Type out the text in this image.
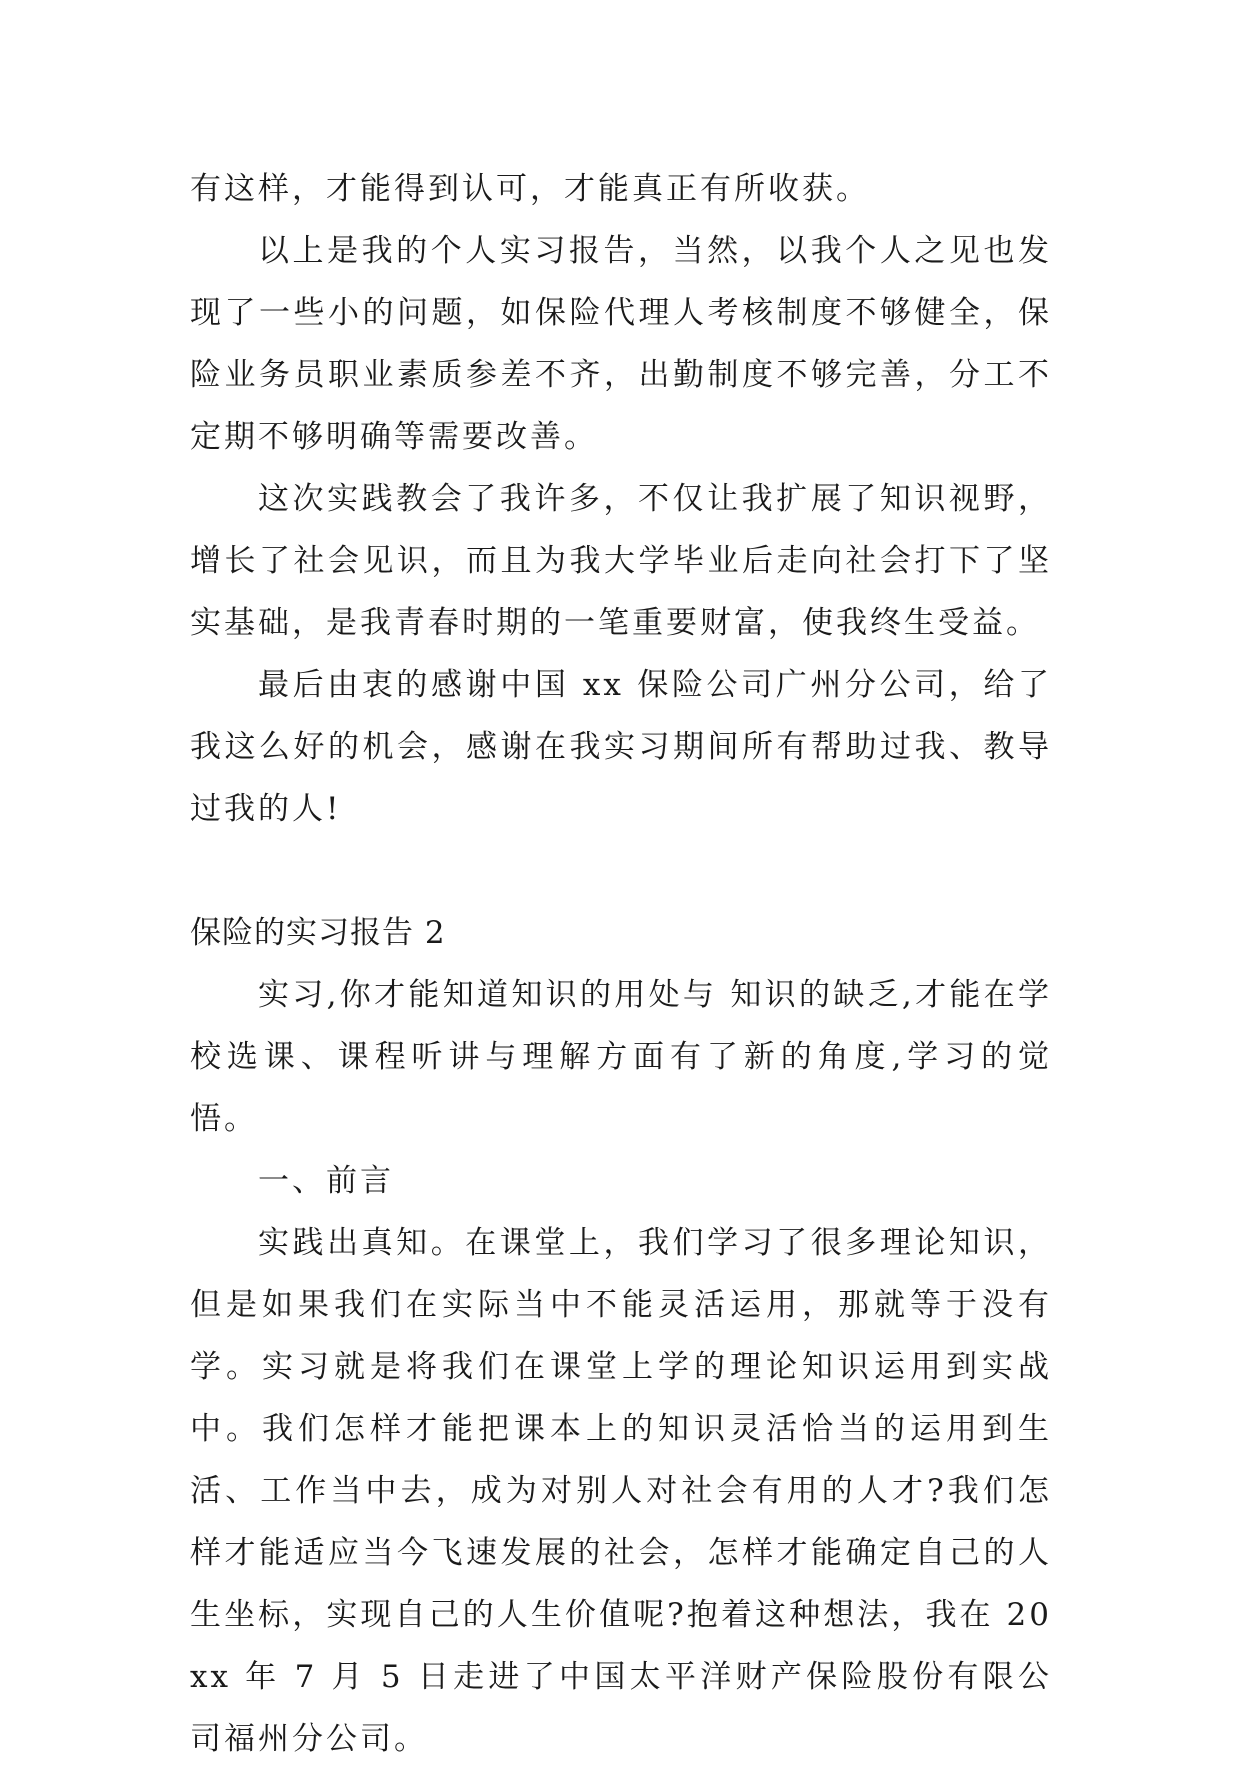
有这样，才能得到认可，才能真正有所收获。

以上是我的个人实习报告，当然，以我个人之见也发现了一些小的问题，如保险代理人考核制度不够健全，保险业务员职业素质参差不齐，出勤制度不够完善，分工不定期不够明确等需要改善。

这次实践教会了我许多，不仅让我扩展了知识视野，增长了社会见识，而且为我大学毕业后走向社会打下了坚实基础，是我青春时期的一笔重要财富，使我终生受益。

最后由衷的感谢中国 xx 保险公司广州分公司，给了我这么好的机会，感谢在我实习期间所有帮助过我、教导过我的人!

保险的实习报告 2

实习,你才能知道知识的用处与 知识的缺乏,才能在学校选课、课程听讲与理解方面有了新的角度,学习的觉悟。

一、前言

实践出真知。在课堂上，我们学习了很多理论知识，但是如果我们在实际当中不能灵活运用，那就等于没有学。实习就是将我们在课堂上学的理论知识运用到实战中。我们怎样才能把课本上的知识灵活恰当的运用到生活、工作当中去，成为对别人对社会有用的人才?我们怎样才能适应当今飞速发展的社会，怎样才能确定自己的人生坐标，实现自己的人生价值呢?抱着这种想法，我在 20xx 年 7 月 5 日走进了中国太平洋财产保险股份有限公司福州分公司。
